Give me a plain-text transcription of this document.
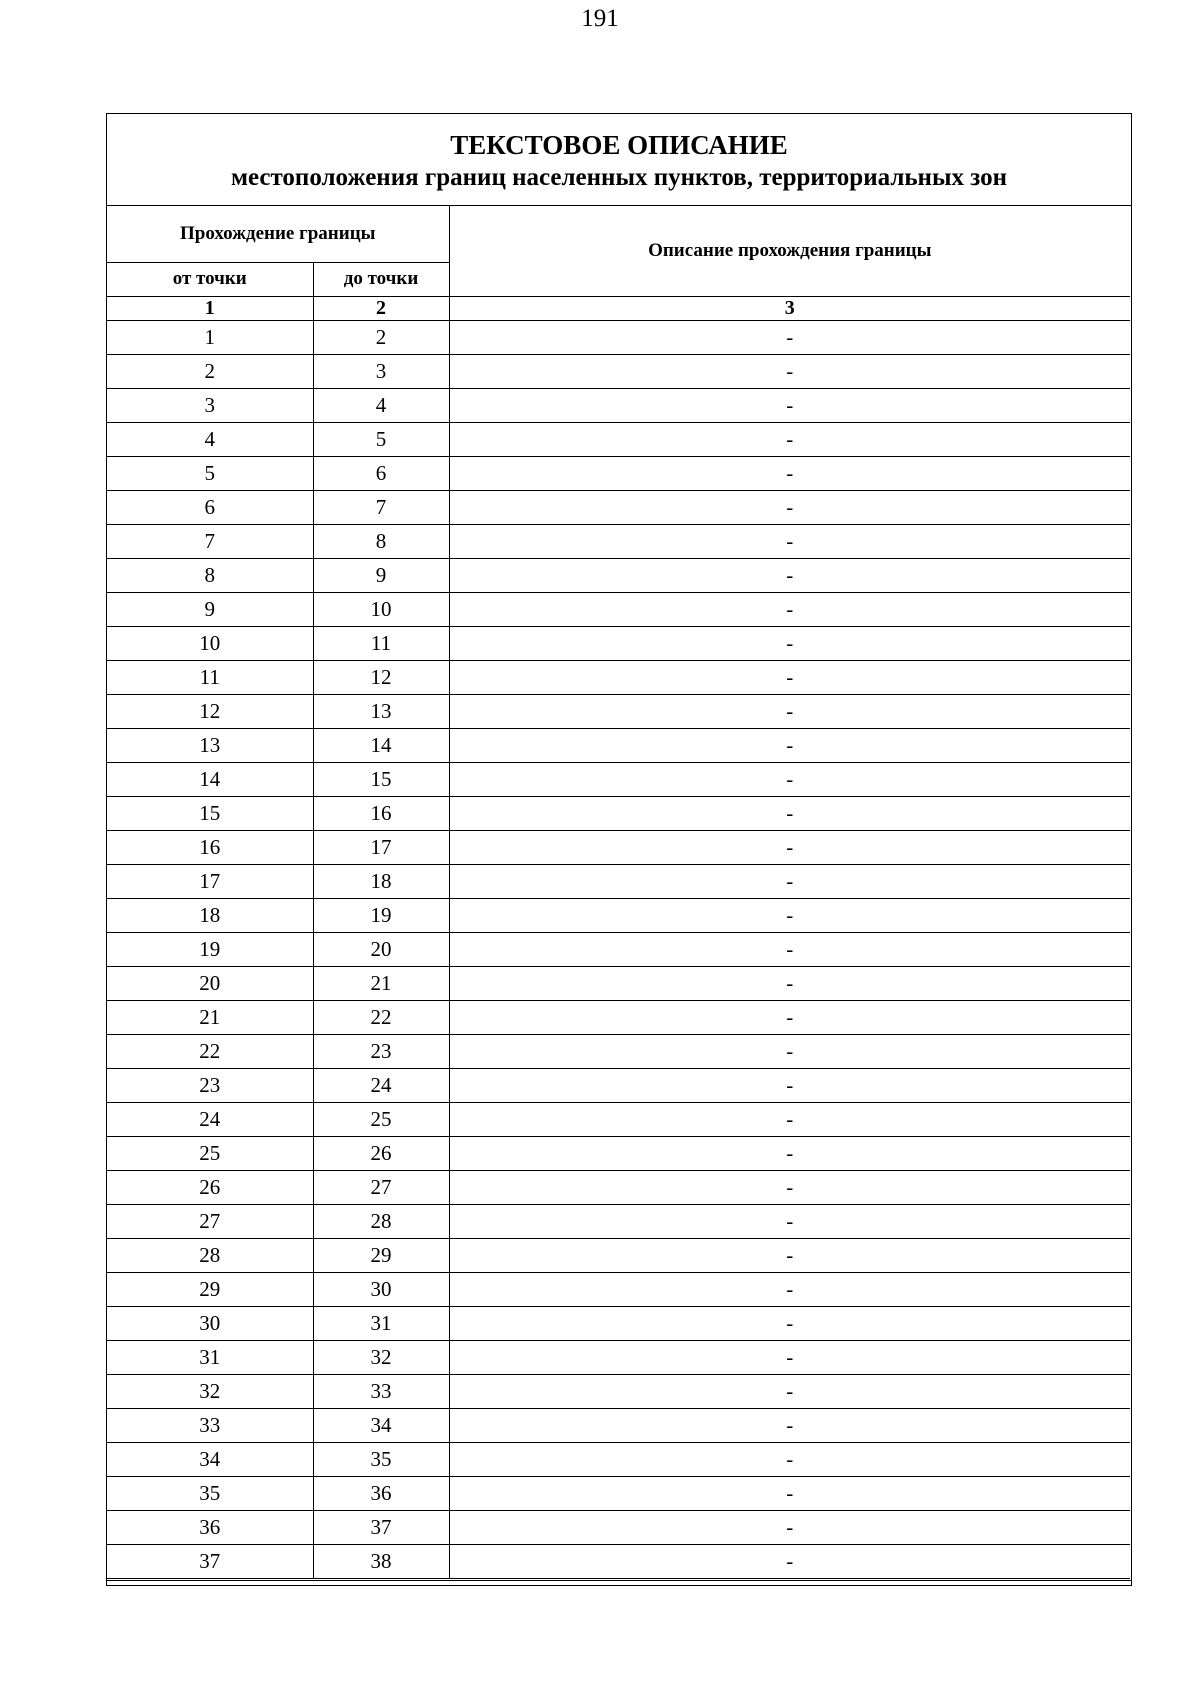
191
ТЕКСТОВОЕ ОПИСАНИЕ
местоположения границ населенных пунктов, территориальных зон
Прохождение границы		Описание прохождения границы
от точки	до точки	
1	2	3
1	2	-
2	3	-
3	4	-
4	5	-
5	6	-
6	7	-
7	8	-
8	9	-
9	10	-
10	11	-
11	12	-
12	13	-
13	14	-
14	15	-
15	16	-
16	17	-
17	18	-
18	19	-
19	20	-
20	21	-
21	22	-
22	23	-
23	24	-
24	25	-
25	26	-
26	27	-
27	28	-
28	29	-
29	30	-
30	31	-
31	32	-
32	33	-
33	34	-
34	35	-
35	36	-
36	37	-
37	38	-
